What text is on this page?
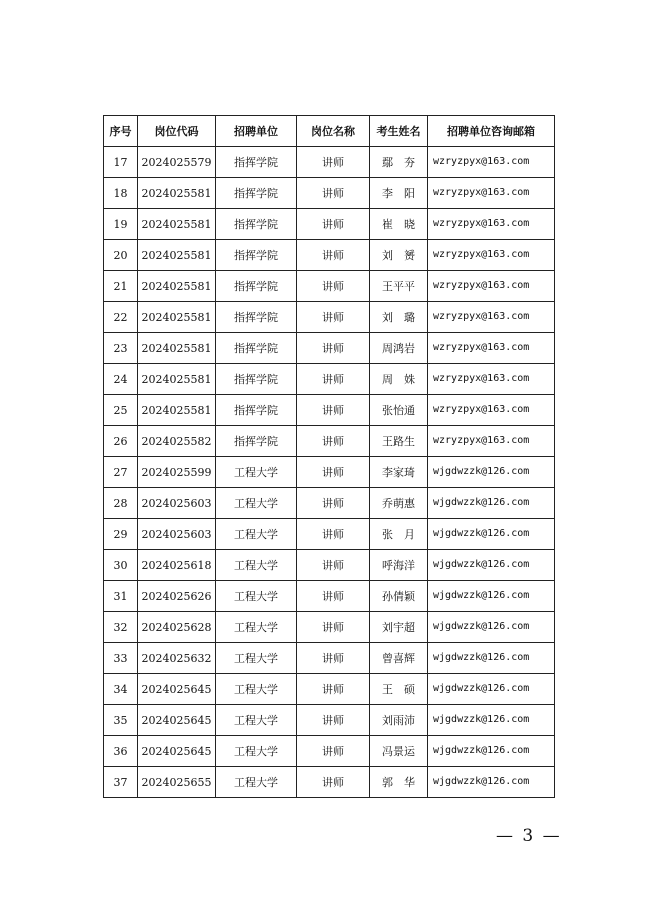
序号	岗位代码	招聘单位	岗位名称	考生姓名	招聘单位咨询邮箱
17	2024025579	指挥学院	讲师	鄢　夯	wzryzpyx@163.com
18	2024025581	指挥学院	讲师	李　阳	wzryzpyx@163.com
19	2024025581	指挥学院	讲师	崔　晓	wzryzpyx@163.com
20	2024025581	指挥学院	讲师	刘　赟	wzryzpyx@163.com
21	2024025581	指挥学院	讲师	王平平	wzryzpyx@163.com
22	2024025581	指挥学院	讲师	刘　璐	wzryzpyx@163.com
23	2024025581	指挥学院	讲师	周鸿岩	wzryzpyx@163.com
24	2024025581	指挥学院	讲师	周　姝	wzryzpyx@163.com
25	2024025581	指挥学院	讲师	张怡通	wzryzpyx@163.com
26	2024025582	指挥学院	讲师	王路生	wzryzpyx@163.com
27	2024025599	工程大学	讲师	李家琦	wjgdwzzk@126.com
28	2024025603	工程大学	讲师	乔萌惠	wjgdwzzk@126.com
29	2024025603	工程大学	讲师	张　月	wjgdwzzk@126.com
30	2024025618	工程大学	讲师	呼海洋	wjgdwzzk@126.com
31	2024025626	工程大学	讲师	孙倩颖	wjgdwzzk@126.com
32	2024025628	工程大学	讲师	刘宇超	wjgdwzzk@126.com
33	2024025632	工程大学	讲师	曾喜辉	wjgdwzzk@126.com
34	2024025645	工程大学	讲师	王　硕	wjgdwzzk@126.com
35	2024025645	工程大学	讲师	刘雨沛	wjgdwzzk@126.com
36	2024025645	工程大学	讲师	冯景运	wjgdwzzk@126.com
37	2024025655	工程大学	讲师	郭　华	wjgdwzzk@126.com
— 3 —
